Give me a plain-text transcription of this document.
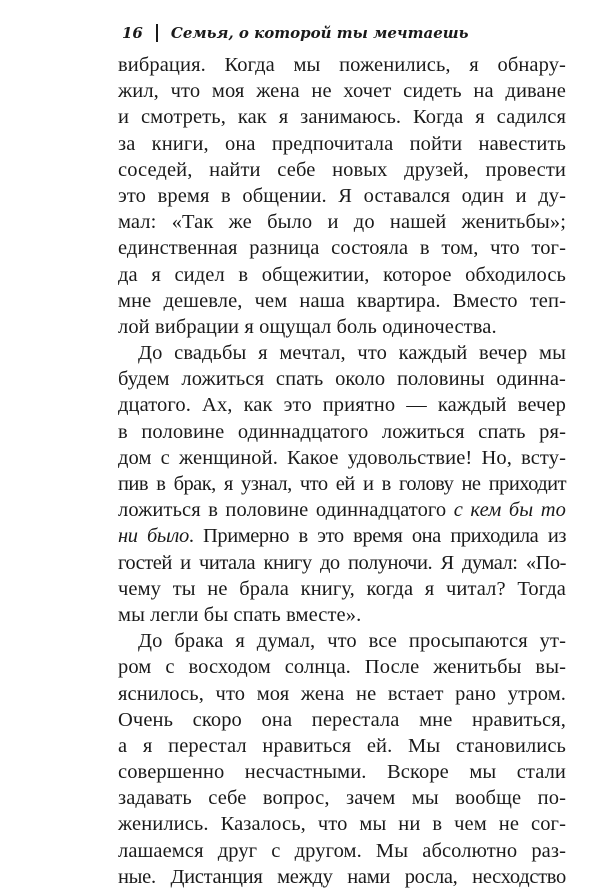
16 Семья, о которой ты мечтаешь
вибрация. Когда мы поженились, я обнару-
жил, что моя жена не хочет сидеть на диване
и смотреть, как я занимаюсь. Когда я садился
за книги, она предпочитала пойти навестить
соседей, найти себе новых друзей, провести
это время в общении. Я оставался один и ду-
мал: «Так же было и до нашей женитьбы»;
единственная разница состояла в том, что тог-
да я сидел в общежитии, которое обходилось
мне дешевле, чем наша квартира. Вместо теп-
лой вибрации я ощущал боль одиночества.
До свадьбы я мечтал, что каждый вечер мы
будем ложиться спать около половины одинна-
дцатого. Ах, как это приятно — каждый вечер
в половине одиннадцатого ложиться спать ря-
дом с женщиной. Какое удовольствие! Но, всту-
пив в брак, я узнал, что ей и в голову не приходит
ложиться в половине одиннадцатого с кем бы то
ни было. Примерно в это время она приходила из
гостей и читала книгу до полуночи. Я думал: «По-
чему ты не брала книгу, когда я читал? Тогда
мы легли бы спать вместе».
До брака я думал, что все просыпаются ут-
ром с восходом солнца. После женитьбы вы-
яснилось, что моя жена не встает рано утром.
Очень скоро она перестала мне нравиться,
а я перестал нравиться ей. Мы становились
совершенно несчастными. Вскоре мы стали
задавать себе вопрос, зачем мы вообще по-
женились. Казалось, что мы ни в чем не сог-
лашаемся друг с другом. Мы абсолютно раз-
ные. Дистанция между нами росла, несходство
